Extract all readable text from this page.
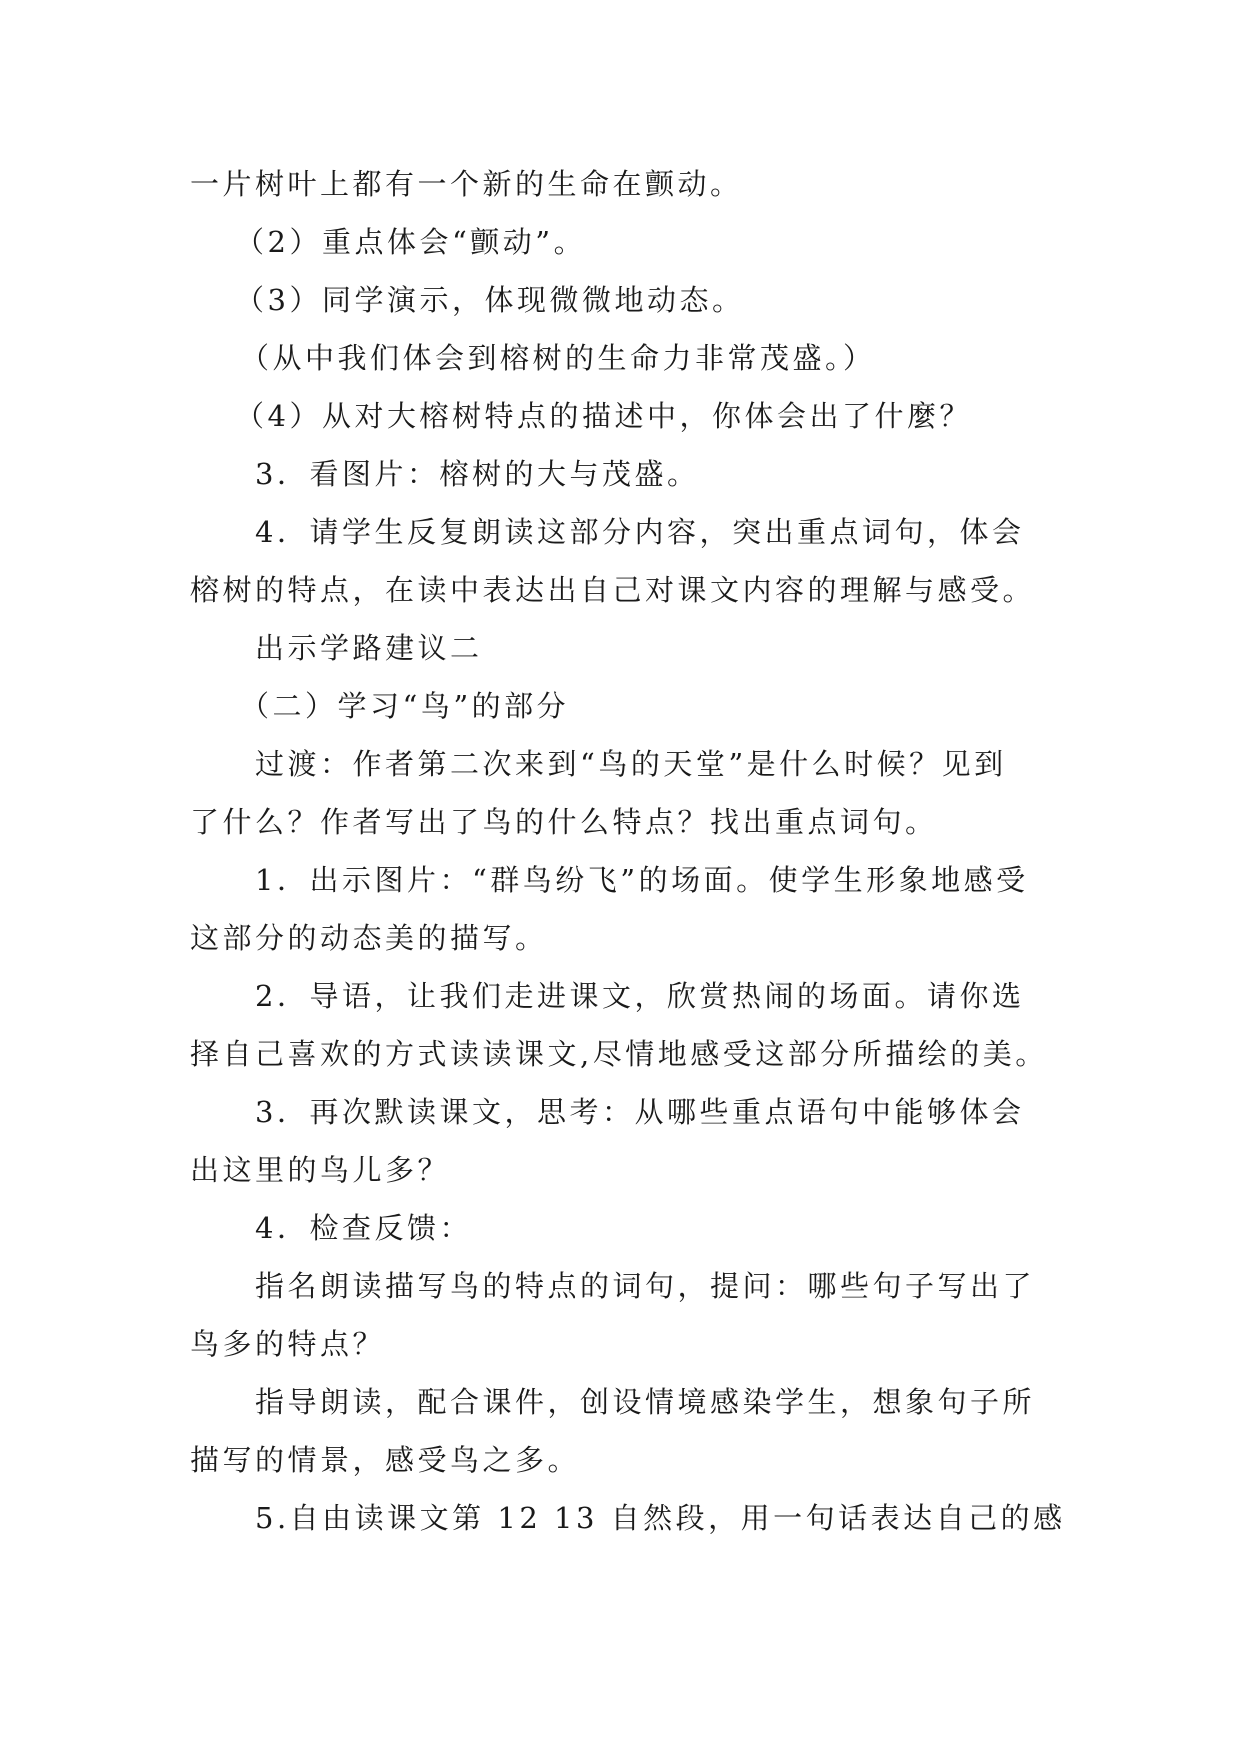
一片树叶上都有一个新的生命在颤动。
（2）重点体会“颤动”。
（3）同学演示，体现微微地动态。
（从中我们体会到榕树的生命力非常茂盛。）
（4）从对大榕树特点的描述中，你体会出了什麼？
3．看图片：榕树的大与茂盛。
4．请学生反复朗读这部分内容，突出重点词句，体会
榕树的特点，在读中表达出自己对课文内容的理解与感受。
出示学路建议二
（二）学习“鸟”的部分
过渡：作者第二次来到“鸟的天堂”是什么时候？见到
了什么？作者写出了鸟的什么特点？找出重点词句。
1．出示图片：“群鸟纷飞”的场面。使学生形象地感受
这部分的动态美的描写。
2．导语，让我们走进课文，欣赏热闹的场面。请你选
择自己喜欢的方式读读课文,尽情地感受这部分所描绘的美。
3．再次默读课文，思考：从哪些重点语句中能够体会
出这里的鸟儿多？
4．检查反馈：
指名朗读描写鸟的特点的词句，提问：哪些句子写出了
鸟多的特点？
指导朗读，配合课件，创设情境感染学生，想象句子所
描写的情景，感受鸟之多。
5.自由读课文第 12 13 自然段，用一句话表达自己的感
